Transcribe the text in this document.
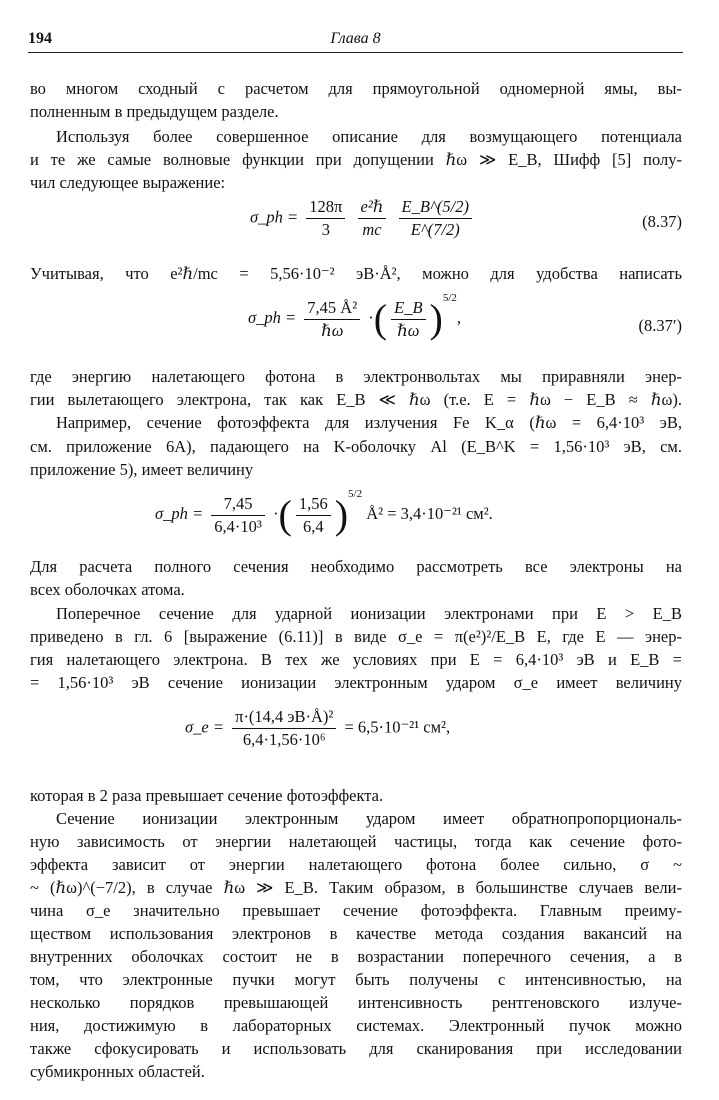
194	Глава 8
во многом сходный с расчетом для прямоугольной одномерной ямы, вы-
полненным в предыдущем разделе.
Используя более совершенное описание для возмущающего потенциала
и те же самые волновые функции при допущении ℏω ≫ E_B, Шифф [5] полу-
чил следующее выражение:
σ_ph = $\frac{128\pi}{3}$
$\frac{\text{e²ℏ}}{mc}$
$\frac{E\_B\^{}(5/2)}{E\^{}(7/2)}$	(8.37)
Учитывая, что e²ℏ/mc = 5,56·10⁻² эВ·Å², можно для удобства написать
σ_ph = $\frac{\text{7,45 Å²}}{\text{ℏω}}$ ·( $\frac{E\_B}{\text{ℏω}} )^{5/2}$,	(8.37′)
где энергию налетающего фотона в электронвольтах мы приравняли энер-
гии вылетающего электрона, так как E_B ≪ ℏω (т.е. E = ℏω − E_B ≈ ℏω).
Например, сечение фотоэффекта для излучения Fe K_α (ℏω = 6,4·10³ эВ,
см. приложение 6А), падающего на K-оболочку Al (E_B^K = 1,56·10³ эВ, см.
приложение 5), имеет величину
σ_ph = $\frac{7,45}{\text{6,4·10³}}$ ·( $\frac{1,56}{6,4} )^{5/2}$ Å² = 3,4·10⁻²¹ см².
Для расчета полного сечения необходимо рассмотреть все электроны на
всех оболочках атома.
Поперечное сечение для ударной ионизации электронами при E > E_B
приведено в гл. 6 [выражение (6.11)] в виде σ_e = π(e²)²/E_B E, где E — энер-
гия налетающего электрона. В тех же условиях при E = 6,4·10³ эВ и E_B =
= 1,56·10³ эВ сечение ионизации электронным ударом σ_e имеет величину
σ_e = $\frac{\text{π·(14,4 эВ·Å)²}}{\text{6,4·1,56·10⁶}} = 6,5\cdot 10^{-21}$ см²,
которая в 2 раза превышает сечение фотоэффекта.
Сечение ионизации электронным ударом имеет обратнопропорциональ-
ную зависимость от энергии налетающей частицы, тогда как сечение фото-
эффекта зависит от энергии налетающего фотона более сильно, σ ~
~ (ℏω)^(−7/2), в случае ℏω ≫ E_B. Таким образом, в большинстве случаев вели-
чина σ_e значительно превышает сечение фотоэффекта. Главным преиму-
ществом использования электронов в качестве метода создания вакансий на
внутренних оболочках состоит не в возрастании поперечного сечения, а в
том, что электронные пучки могут быть получены с интенсивностью, на
несколько порядков превышающей интенсивность рентгеновского излуче-
ния, достижимую в лабораторных системах. Электронный пучок можно
также сфокусировать и использовать для сканирования при исследовании
субмикронных областей.
